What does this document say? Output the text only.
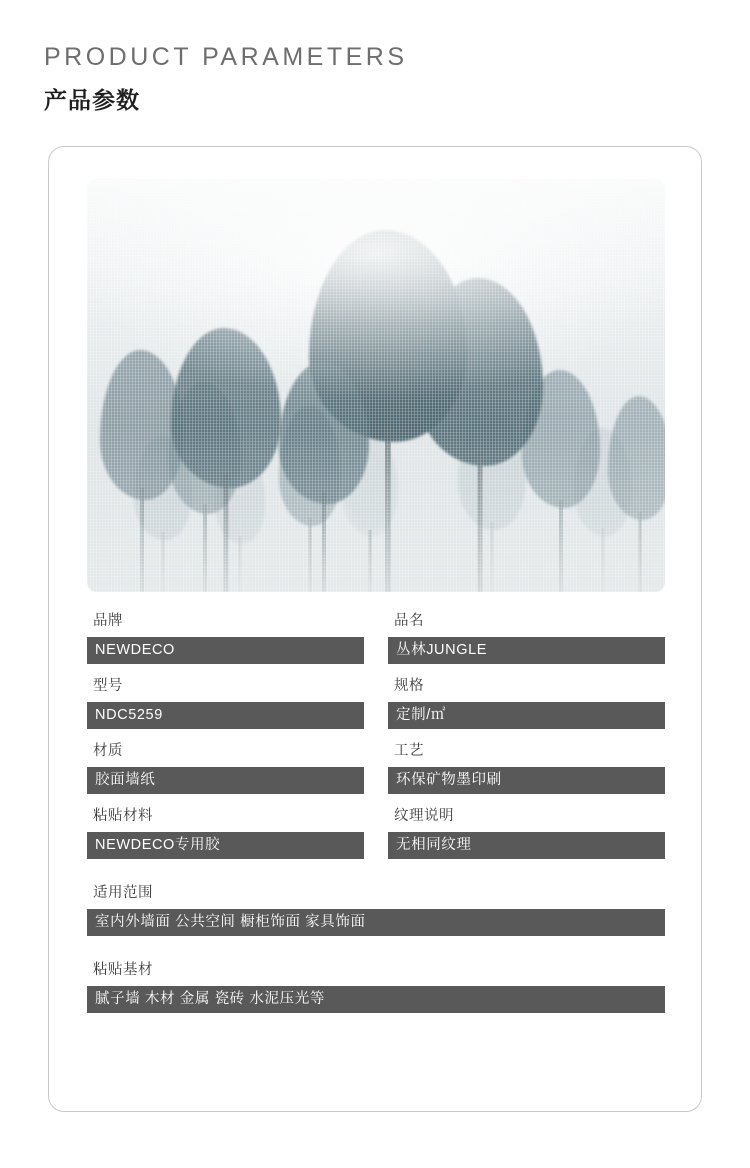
PRODUCT PARAMETERS
产品参数
品牌
NEWDECO
品名
丛林JUNGLE
型号
NDC5259
规格
定制/㎡
材质
胶面墙纸
工艺
环保矿物墨印刷
粘贴材料
NEWDECO专用胶
纹理说明
无相同纹理
适用范围
室内外墙面 公共空间 橱柜饰面 家具饰面
粘贴基材
腻子墙 木材 金属 瓷砖 水泥压光等
